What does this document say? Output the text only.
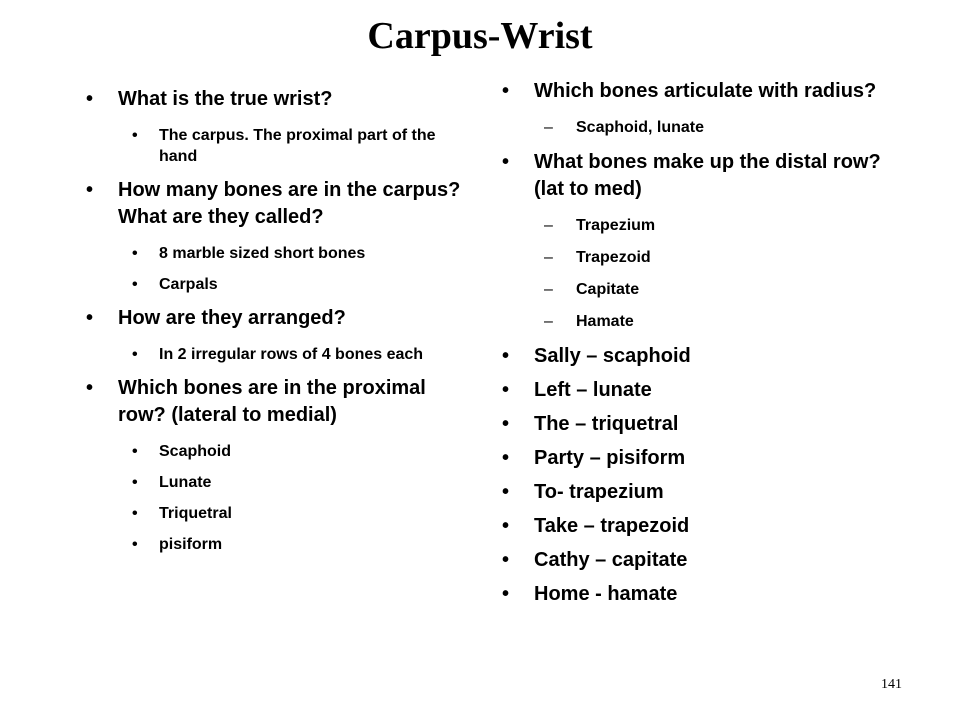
Carpus-Wrist
• What is the true wrist?
• The carpus. The proximal part of the hand
• How many bones are in the carpus? What are they called?
• 8 marble sized short bones
• Carpals
• How are they arranged?
• In 2 irregular rows of 4 bones each
• Which bones are in the proximal row? (lateral to medial)
• Scaphoid
• Lunate
• Triquetral
• pisiform
• Which bones articulate with radius?
– Scaphoid, lunate
• What bones make up the distal row? (lat to med)
– Trapezium
– Trapezoid
– Capitate
– Hamate
• Sally – scaphoid
• Left – lunate
• The – triquetral
• Party – pisiform
• To- trapezium
• Take – trapezoid
• Cathy – capitate
• Home - hamate
141
